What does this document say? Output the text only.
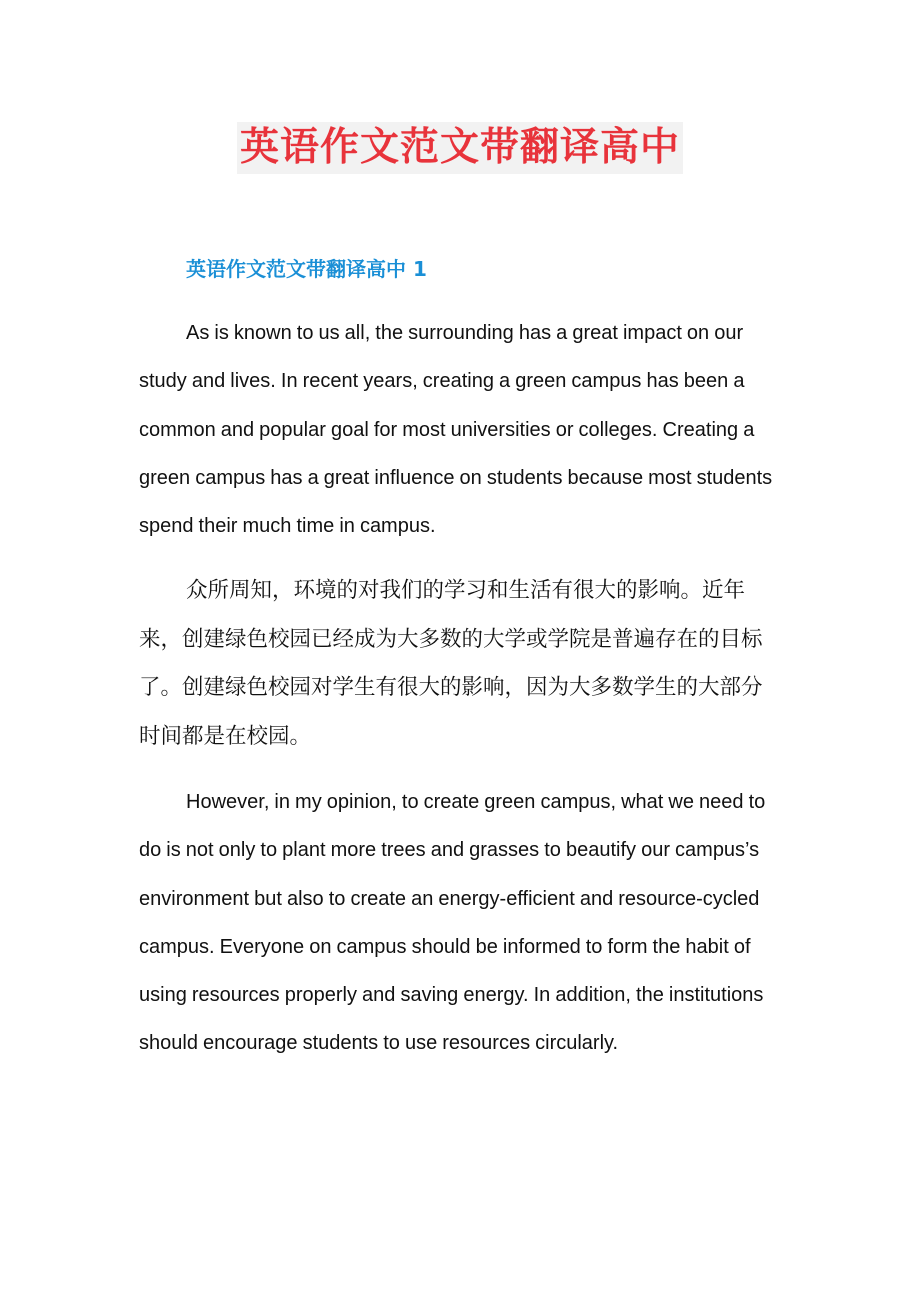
英语作文范文带翻译高中
英语作文范文带翻译高中 1

As is known to us all, the surrounding has a great impact on our study and lives. In recent years, creating a green campus has been a common and popular goal for most universities or colleges. Creating a green campus has a great influence on students because most students spend their much time in campus.

众所周知，环境的对我们的学习和生活有很大的影响。近年来，创建绿色校园已经成为大多数的大学或学院是普遍存在的目标了。创建绿色校园对学生有很大的影响，因为大多数学生的大部分时间都是在校园。

However, in my opinion, to create green campus, what we need to do is not only to plant more trees and grasses to beautify our campus’s environment but also to create an energy-efficient and resource-cycled campus. Everyone on campus should be informed to form the habit of using resources properly and saving energy. In addition, the institutions should encourage students to use resources circularly.
